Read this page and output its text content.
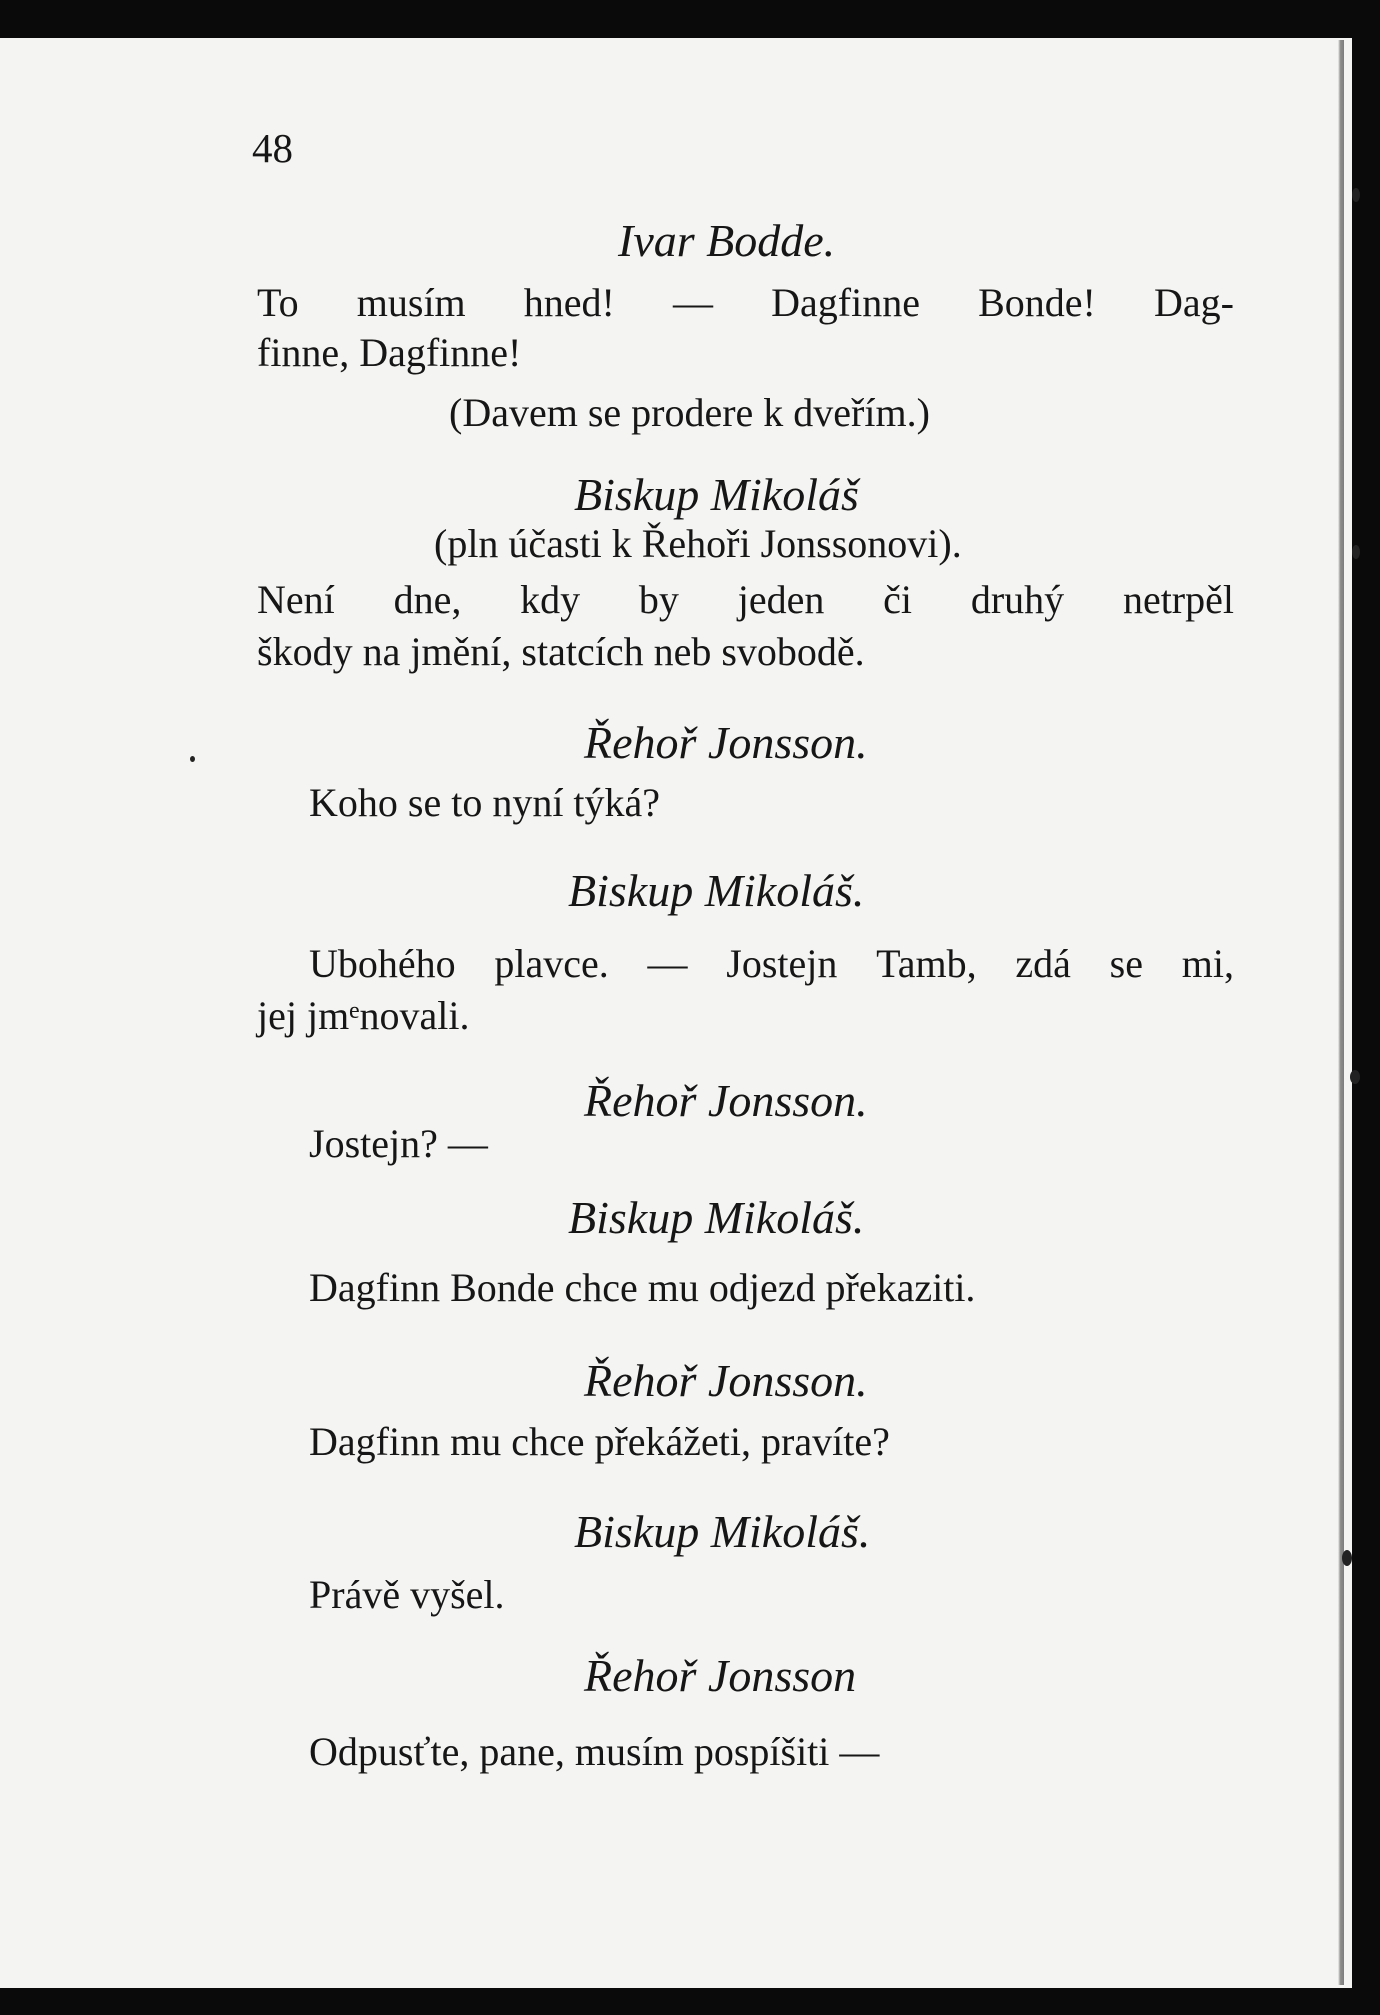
48
Ivar Bodde.
To musím hned! — Dagfinne Bonde! Dag-
finne, Dagfinne!
(Davem se prodere k dveřím.)
Biskup Mikoláš
(pln účasti k Řehoři Jonssonovi).
Není dne, kdy by jeden či druhý netrpěl
škody na jmění, statcích neb svobodě.
Řehoř Jonsson.
Koho se to nyní týká?
Biskup Mikoláš.
Ubohého plavce. — Jostejn Tamb, zdá se mi,
jej jmᵉnovali.
Řehoř Jonsson.
Jostejn? —
Biskup Mikoláš.
Dagfinn Bonde chce mu odjezd překaziti.
Řehoř Jonsson.
Dagfinn mu chce překážeti, pravíte?
Biskup Mikoláš.
Právě vyšel.
Řehoř Jonsson
Odpusťte, pane, musím pospíšiti —
